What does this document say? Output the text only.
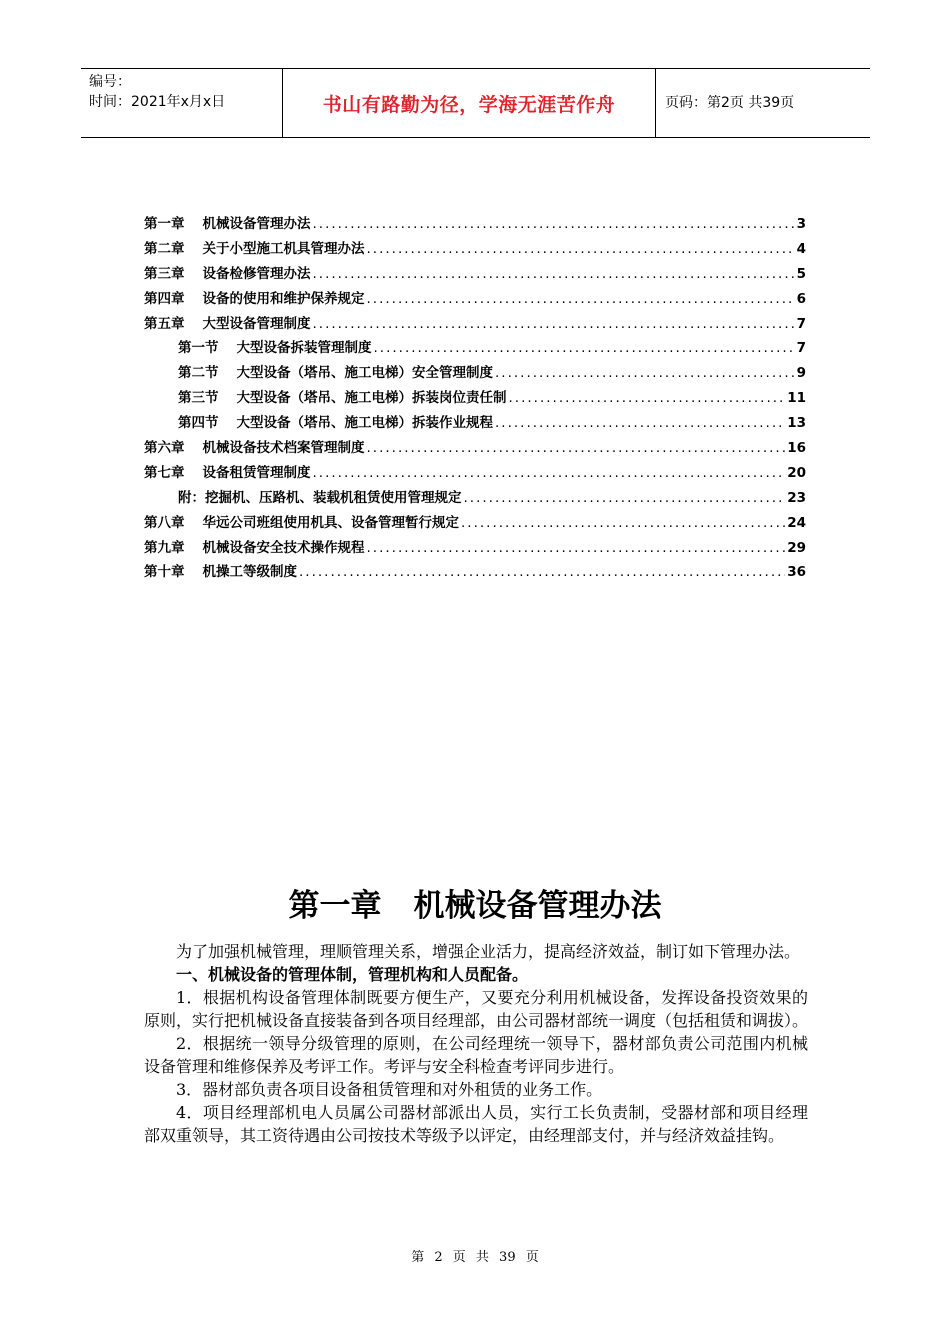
编号：
时间：2021年x月x日	书山有路勤为径，学海无涯苦作舟	页码：第2页 共39页
第一章 机械设备管理办法 .....	3
第二章 关于小型施工机具管理办法 .....	4
第三章 设备检修管理办法 .....	5
第四章 设备的使用和维护保养规定 .....	6
第五章 大型设备管理制度 .....	7
第一节 大型设备拆装管理制度 .....	7
第二节 大型设备（塔吊、施工电梯）安全管理制度 .....	9
第三节 大型设备（塔吊、施工电梯）拆装岗位责任制 .....	11
第四节 大型设备（塔吊、施工电梯）拆装作业规程 .....	13
第六章 机械设备技术档案管理制度 .....	16
第七章 设备租赁管理制度 .....	20
附：挖掘机、压路机、装载机租赁使用管理规定 .....	23
第八章 华远公司班组使用机具、设备管理暂行规定 .....	24
第九章 机械设备安全技术操作规程 .....	29
第十章 机操工等级制度 .....	36
第一章 机械设备管理办法

为了加强机械管理，理顺管理关系，增强企业活力，提高经济效益，制订如下管理办法。

一、机械设备的管理体制，管理机构和人员配备。

1．根据机构设备管理体制既要方便生产，又要充分利用机械设备，发挥设备投资效果的原则，实行把机械设备直接装备到各项目经理部，由公司器材部统一调度（包括租赁和调拔）。

2．根据统一领导分级管理的原则，在公司经理统一领导下，器材部负责公司范围内机械设备管理和维修保养及考评工作。考评与安全科检查考评同步进行。

3．器材部负责各项目设备租赁管理和对外租赁的业务工作。

4．项目经理部机电人员属公司器材部派出人员，实行工长负责制，受器材部和项目经理部双重领导，其工资待遇由公司按技术等级予以评定，由经理部支付，并与经济效益挂钩。

第 2 页 共 39 页
